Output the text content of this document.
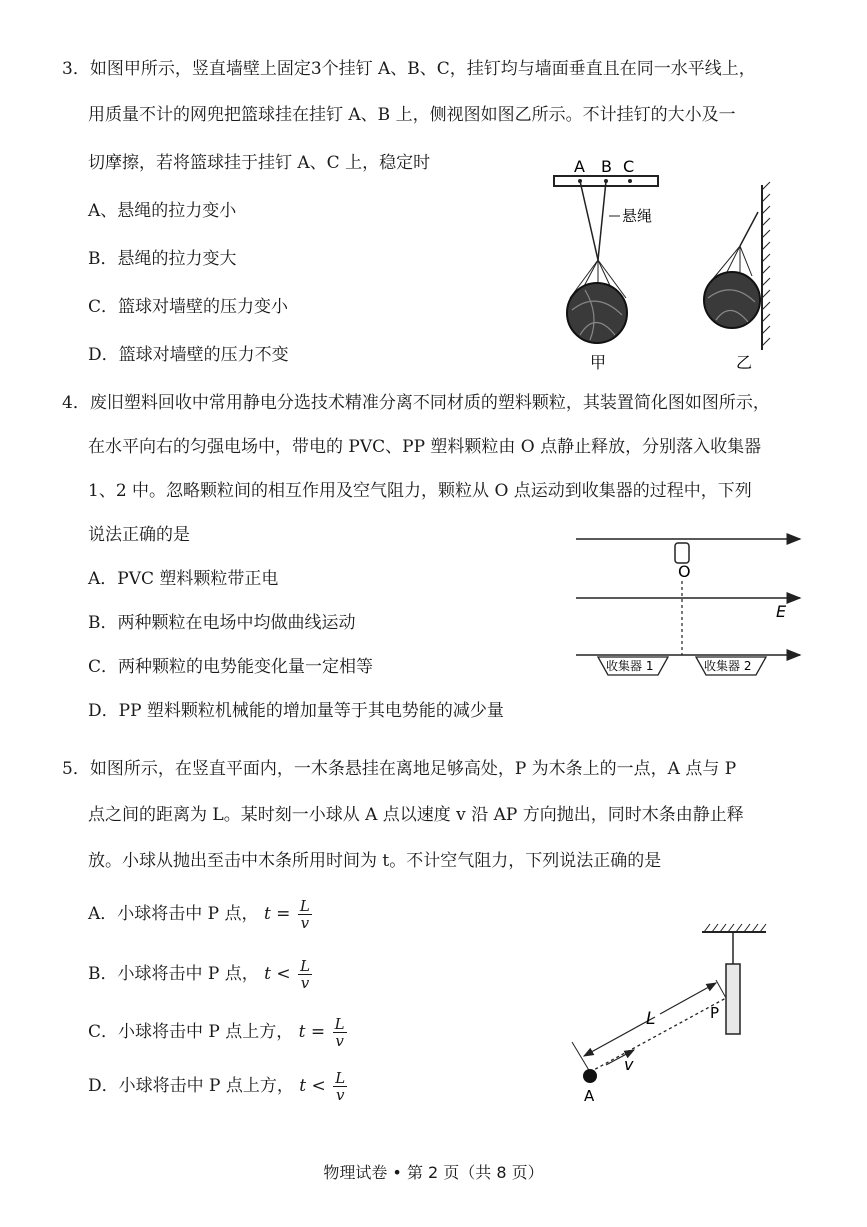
3．如图甲所示，竖直墙壁上固定3个挂钉 A、B、C，挂钉均与墙面垂直且在同一水平线上，
用质量不计的网兜把篮球挂在挂钉 A、B 上，侧视图如图乙所示。不计挂钉的大小及一
切摩擦，若将篮球挂于挂钉 A、C 上，稳定时
A、悬绳的拉力变小
B．悬绳的拉力变大
C．篮球对墙壁的压力变小
D．篮球对墙壁的压力不变
A B C
悬绳
甲	乙
4．废旧塑料回收中常用静电分选技术精准分离不同材质的塑料颗粒，其装置简化图如图所示，
在水平向右的匀强电场中，带电的 PVC、PP 塑料颗粒由 O 点静止释放，分别落入收集器
1、2 中。忽略颗粒间的相互作用及空气阻力，颗粒从 O 点运动到收集器的过程中，下列
说法正确的是
A．PVC 塑料颗粒带正电
B．两种颗粒在电场中均做曲线运动
C．两种颗粒的电势能变化量一定相等
D．PP 塑料颗粒机械能的增加量等于其电势能的减少量
E
O
收集器 1	收集器 2
5．如图所示，在竖直平面内，一木条悬挂在离地足够高处，P 为木条上的一点，A 点与 P
点之间的距离为 L。某时刻一小球从 A 点以速度 v 沿 AP 方向抛出，同时木条由静止释
放。小球从抛出至击中木条所用时间为 t。不计空气阻力，下列说法正确的是
A．小球将击中 P 点， $t = \frac{L}{v}$
B．小球将击中 P 点， $t < \frac{L}{v}$
C．小球将击中 P 点上方， $t = \frac{L}{v}$
D．小球将击中 P 点上方， $t < \frac{L}{v}$
L	P
v
A
物理试卷 • 第 2 页（共 8 页）
